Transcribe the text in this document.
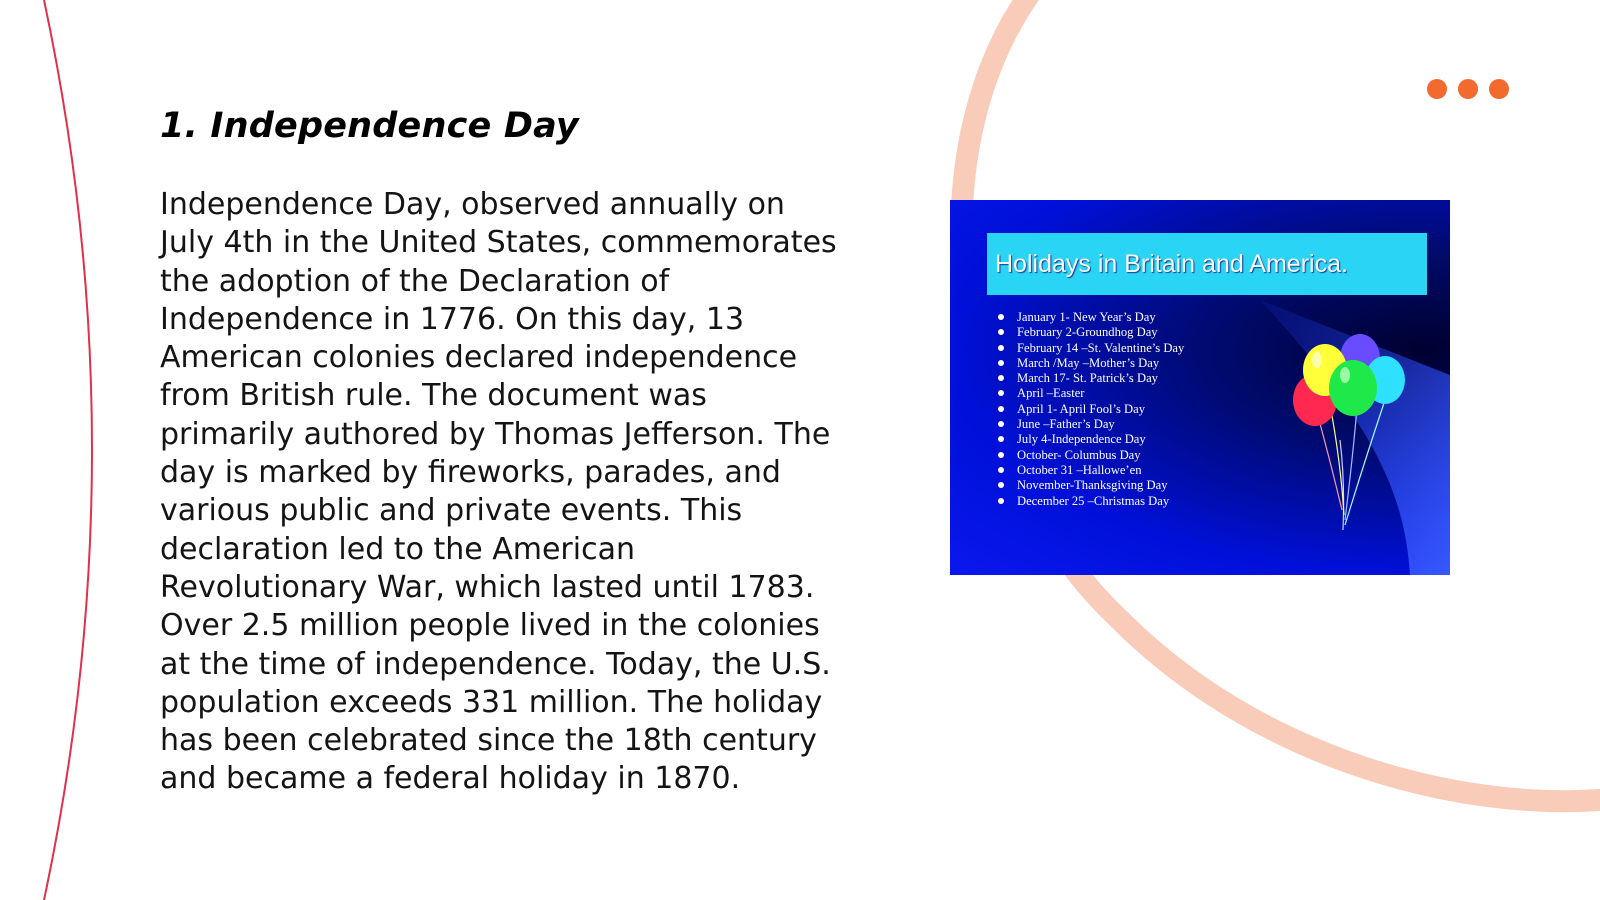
1. Independence Day

Independence Day, observed annually on July 4th in the United States, commemorates the adoption of the Declaration of Independence in 1776. On this day, 13 American colonies declared independence from British rule. The document was primarily authored by Thomas Jefferson. The day is marked by fireworks, parades, and various public and private events. This declaration led to the American Revolutionary War, which lasted until 1783. Over 2.5 million people lived in the colonies at the time of independence. Today, the U.S. population exceeds 331 million. The holiday has been celebrated since the 18th century and became a federal holiday in 1870.

Holidays in Britain and America.
January 1- New Year’s Day
February 2-Groundhog Day
February 14 –St. Valentine’s Day
March /May –Mother’s Day
March 17- St. Patrick’s Day
April –Easter
April 1- April Fool’s Day
June –Father’s Day
July 4-Independence Day
October- Columbus Day
October 31 –Hallowe’en
November-Thanksgiving Day
December 25 –Christmas Day
